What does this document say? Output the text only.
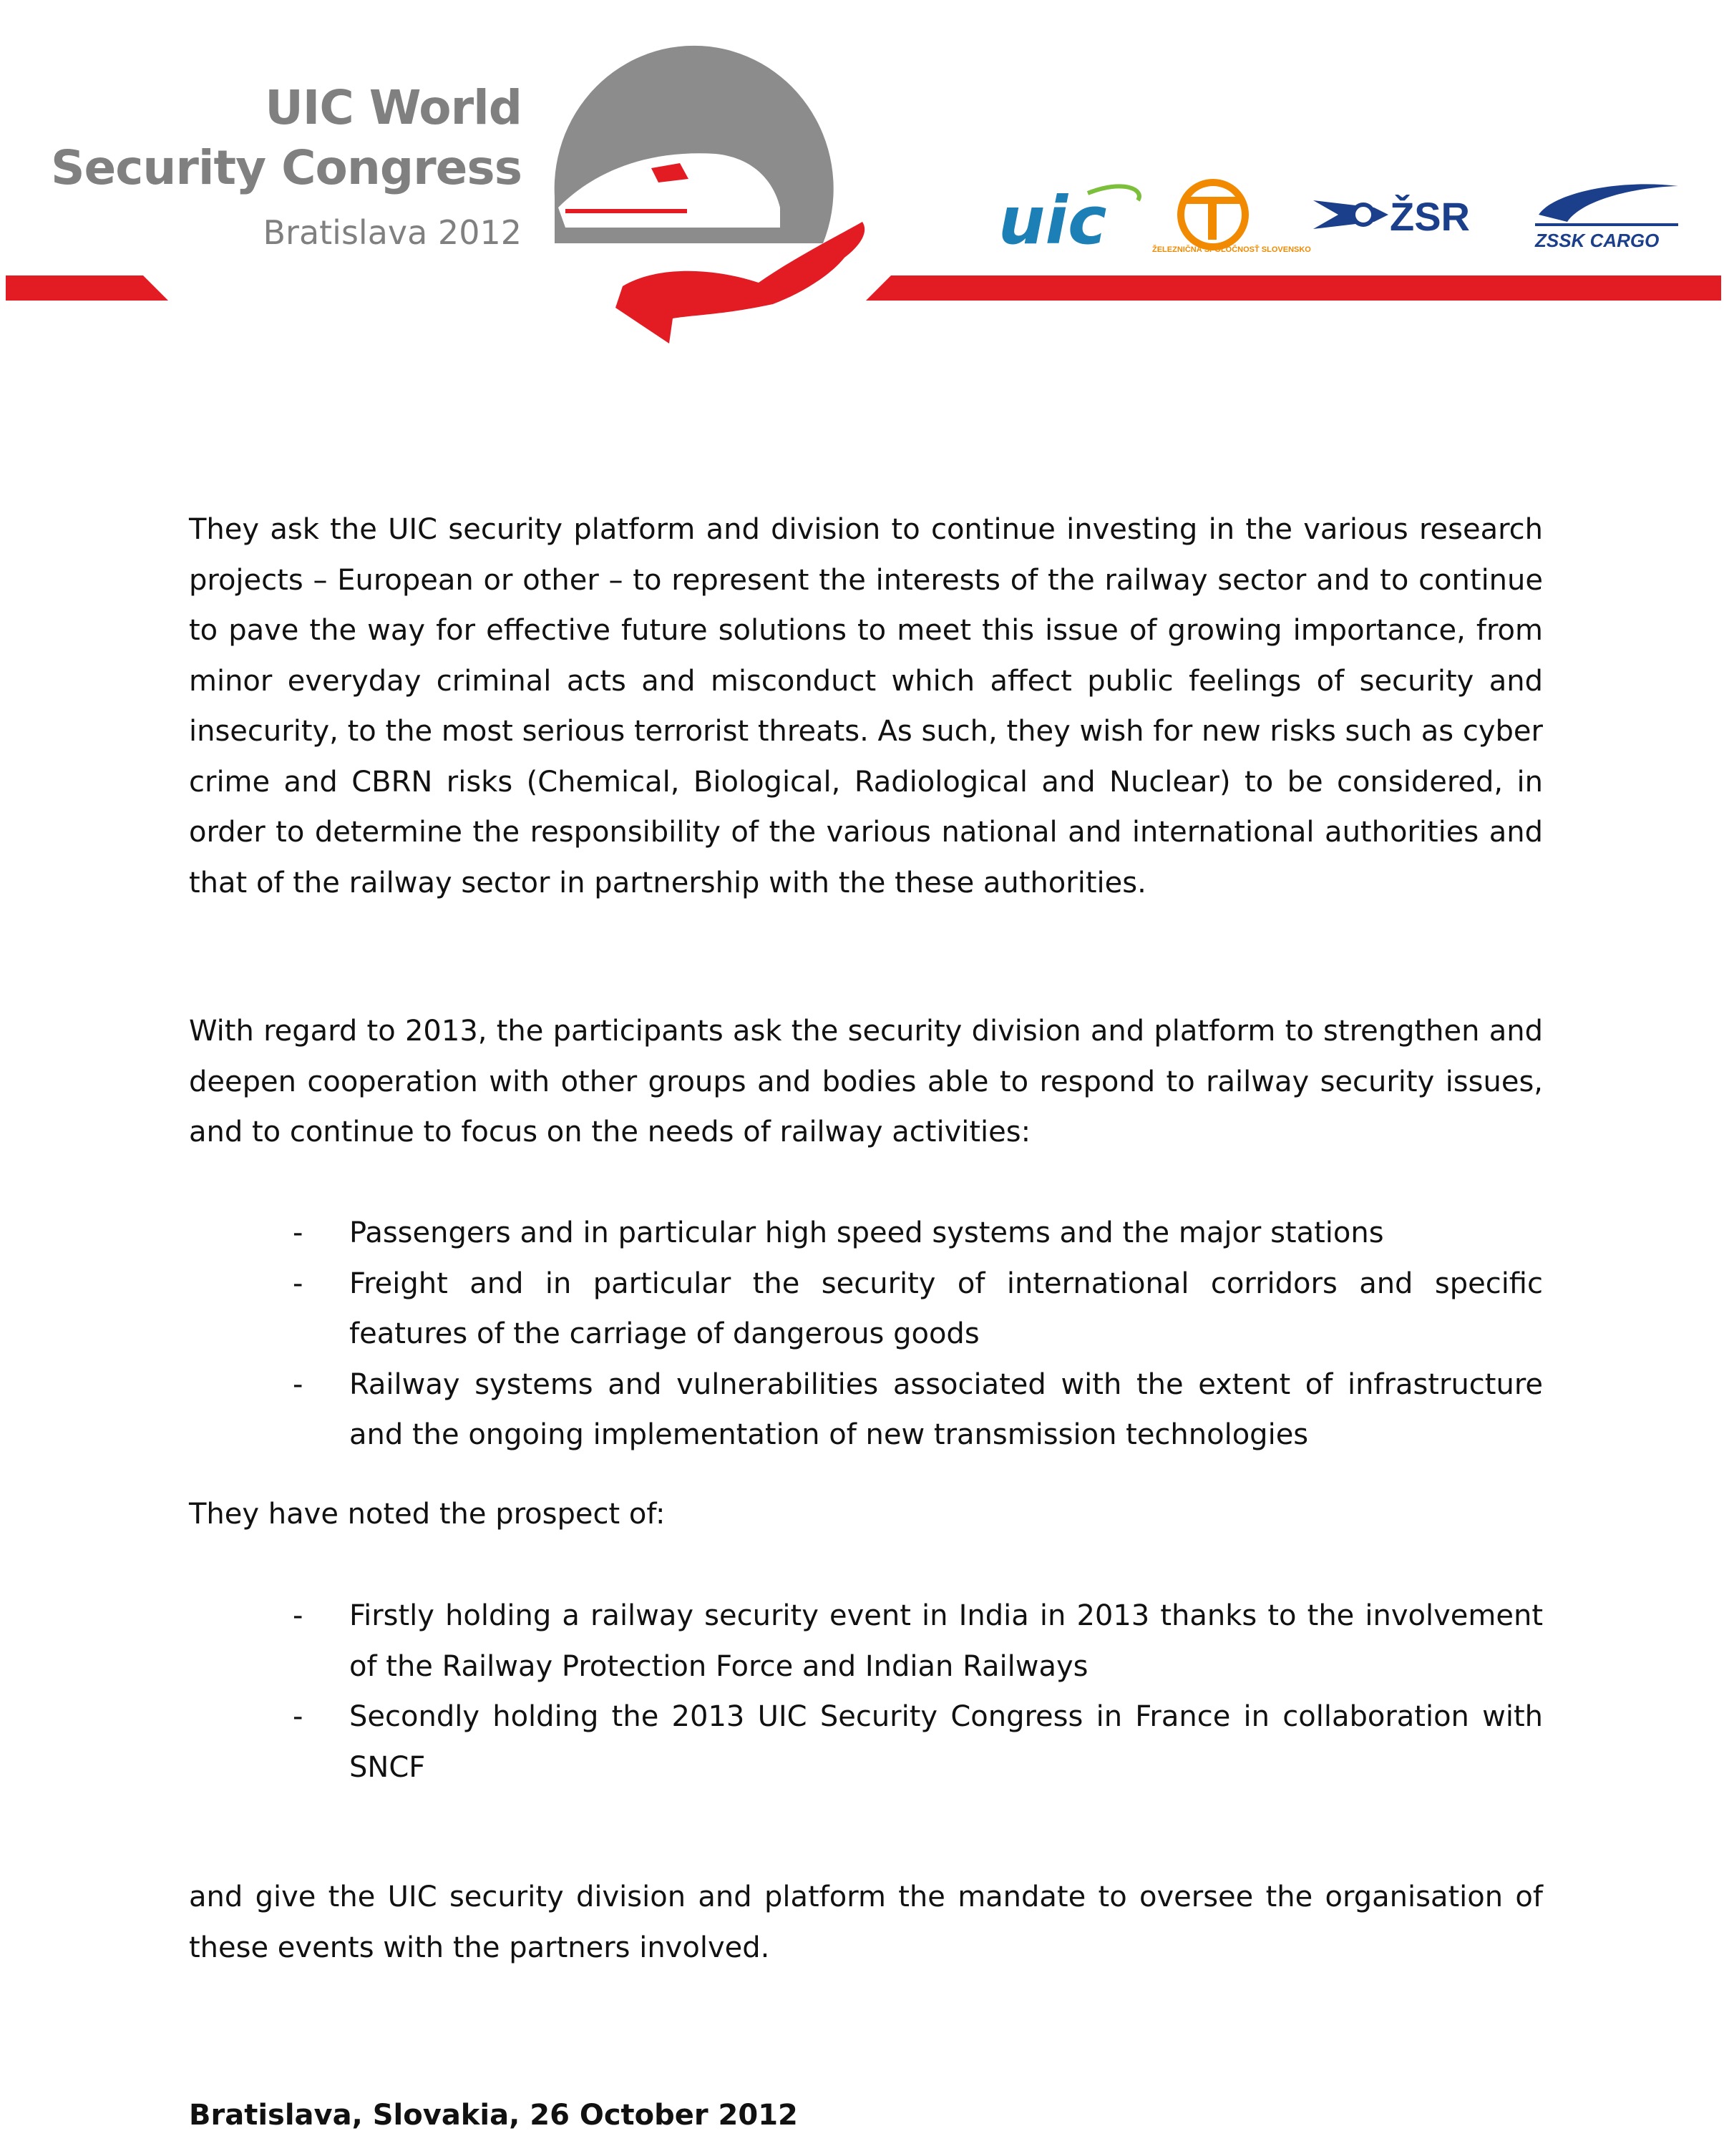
uic	ŽELEZNIČNÁ SPOLOČNOSŤ SLOVENSKO
ŽSR
ZSSK CARGO
UIC World
Security Congress
Bratislava 2012

They ask the UIC security platform and division to continue investing in the various research projects – European or other – to represent the interests of the railway sector and to continue to pave the way for effective future solutions to meet this issue of growing importance, from minor everyday criminal acts and misconduct which affect public feelings of security and insecurity, to the most serious terrorist threats. As such, they wish for new risks such as cyber crime and CBRN risks (Chemical, Biological, Radiological and Nuclear) to be considered, in order to determine the responsibility of the various national and international authorities and that of the railway sector in partnership with the these authorities.

With regard to 2013, the participants ask the security division and platform to strengthen and deepen cooperation with other groups and bodies able to respond to railway security issues, and to continue to focus on the needs of railway activities:

- Passengers and in particular high speed systems and the major stations
- Freight and in particular the security of international corridors and specific features of the carriage of dangerous goods
- Railway systems and vulnerabilities associated with the extent of infrastructure and the ongoing implementation of new transmission technologies

They have noted the prospect of:

- Firstly holding a railway security event in India in 2013 thanks to the involvement of the Railway Protection Force and Indian Railways
- Secondly holding the 2013 UIC Security Congress in France in collaboration with SNCF

and give the UIC security division and platform the mandate to oversee the organisation of these events with the partners involved.

Bratislava, Slovakia, 26 October 2012
